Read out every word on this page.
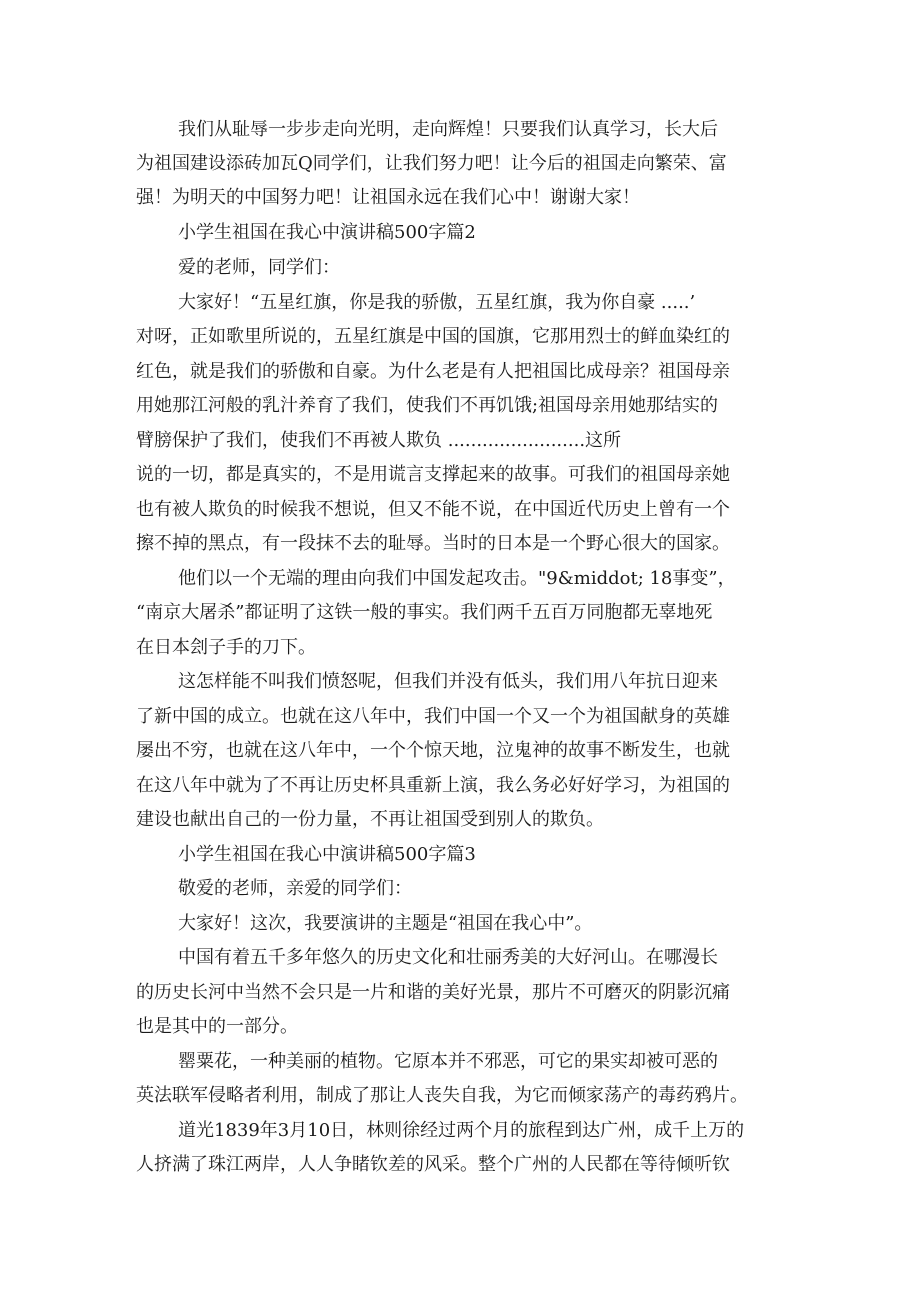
我们从耻辱一步步走向光明，走向辉煌！只要我们认真学习，长大后
为祖国建设添砖加瓦Q同学们，让我们努力吧！让今后的祖国走向繁荣、富
强！为明天的中国努力吧！让祖国永远在我们心中！谢谢大家！
小学生祖国在我心中演讲稿500字篇2
爱的老师，同学们：
大家好！“五星红旗，你是我的骄傲，五星红旗，我为你自豪 .....’
对呀，正如歌里所说的，五星红旗是中国的国旗，它那用烈士的鲜血染红的
红色，就是我们的骄傲和自豪。为什么老是有人把祖国比成母亲？祖国母亲
用她那江河般的乳汁养育了我们，使我们不再饥饿;祖国母亲用她那结实的
臂膀保护了我们，使我们不再被人欺负 ........................这所
说的一切，都是真实的，不是用谎言支撑起来的故事。可我们的祖国母亲她
也有被人欺负的时候我不想说，但又不能不说，在中国近代历史上曾有一个
擦不掉的黑点，有一段抹不去的耻辱。当时的日本是一个野心很大的国家。
他们以一个无端的理由向我们中国发起攻击。"9&middot; 18事变”，
“南京大屠杀”都证明了这铁一般的事实。我们两千五百万同胞都无辜地死
在日本刽子手的刀下。
这怎样能不叫我们愤怒呢，但我们并没有低头，我们用八年抗日迎来
了新中国的成立。也就在这八年中，我们中国一个又一个为祖国献身的英雄
屡出不穷，也就在这八年中，一个个惊天地，泣鬼神的故事不断发生，也就
在这八年中就为了不再让历史杯具重新上演，我么务必好好学习，为祖国的
建设也献出自己的一份力量，不再让祖国受到别人的欺负。
小学生祖国在我心中演讲稿500字篇3
敬爱的老师，亲爱的同学们：
大家好！这次，我要演讲的主题是“祖国在我心中”。
中国有着五千多年悠久的历史文化和壮丽秀美的大好河山。在哪漫长
的历史长河中当然不会只是一片和谐的美好光景，那片不可磨灭的阴影沉痛
也是其中的一部分。
罂粟花，一种美丽的植物。它原本并不邪恶，可它的果实却被可恶的
英法联军侵略者利用，制成了那让人丧失自我，为它而倾家荡产的毒药鸦片。
道光1839年3月10日，林则徐经过两个月的旅程到达广州，成千上万的
人挤满了珠江两岸，人人争睹钦差的风采。整个广州的人民都在等待倾听钦
